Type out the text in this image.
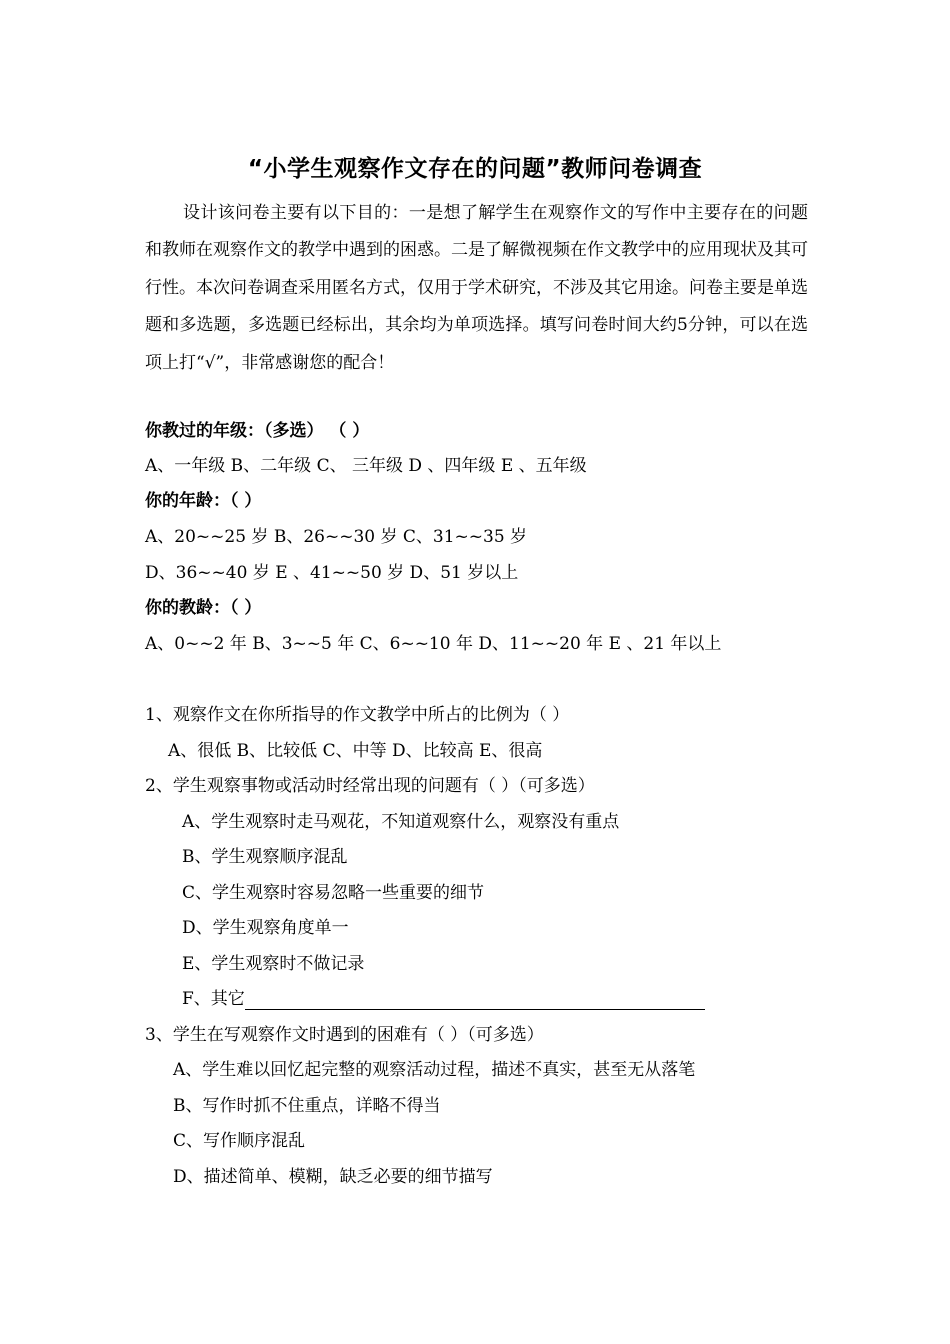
“小学生观察作文存在的问题”教师问卷调查
设计该问卷主要有以下目的：一是想了解学生在观察作文的写作中主要存在的问题和教师在观察作文的教学中遇到的困惑。二是了解微视频在作文教学中的应用现状及其可行性。本次问卷调查采用匿名方式，仅用于学术研究，不涉及其它用途。问卷主要是单选题和多选题，多选题已经标出，其余均为单项选择。填写问卷时间大约5分钟，可以在选项上打“√”，非常感谢您的配合！
你教过的年级：（多选） （ ）
A、一年级 B、二年级 C、 三年级 D 、四年级 E 、五年级
你的年龄：（ ）
A、20~~25 岁 B、26~~30 岁 C、31~~35 岁
D、36~~40 岁 E 、41~~50 岁 D、51 岁以上
你的教龄：（ ）
A、0~~2 年 B、3~~5 年 C、6~~10 年 D、11~~20 年 E 、21 年以上
1、观察作文在你所指导的作文教学中所占的比例为（ ）
A、很低 B、比较低 C、中等 D、比较高 E、很高
2、学生观察事物或活动时经常出现的问题有（ ）（可多选）
A、学生观察时走马观花，不知道观察什么，观察没有重点
B、学生观察顺序混乱
C、学生观察时容易忽略一些重要的细节
D、学生观察角度单一
E、学生观察时不做记录
F、其它
3、学生在写观察作文时遇到的困难有（ ）（可多选）
A、学生难以回忆起完整的观察活动过程，描述不真实，甚至无从落笔
B、写作时抓不住重点，详略不得当
C、写作顺序混乱
D、描述简单、模糊，缺乏必要的细节描写
